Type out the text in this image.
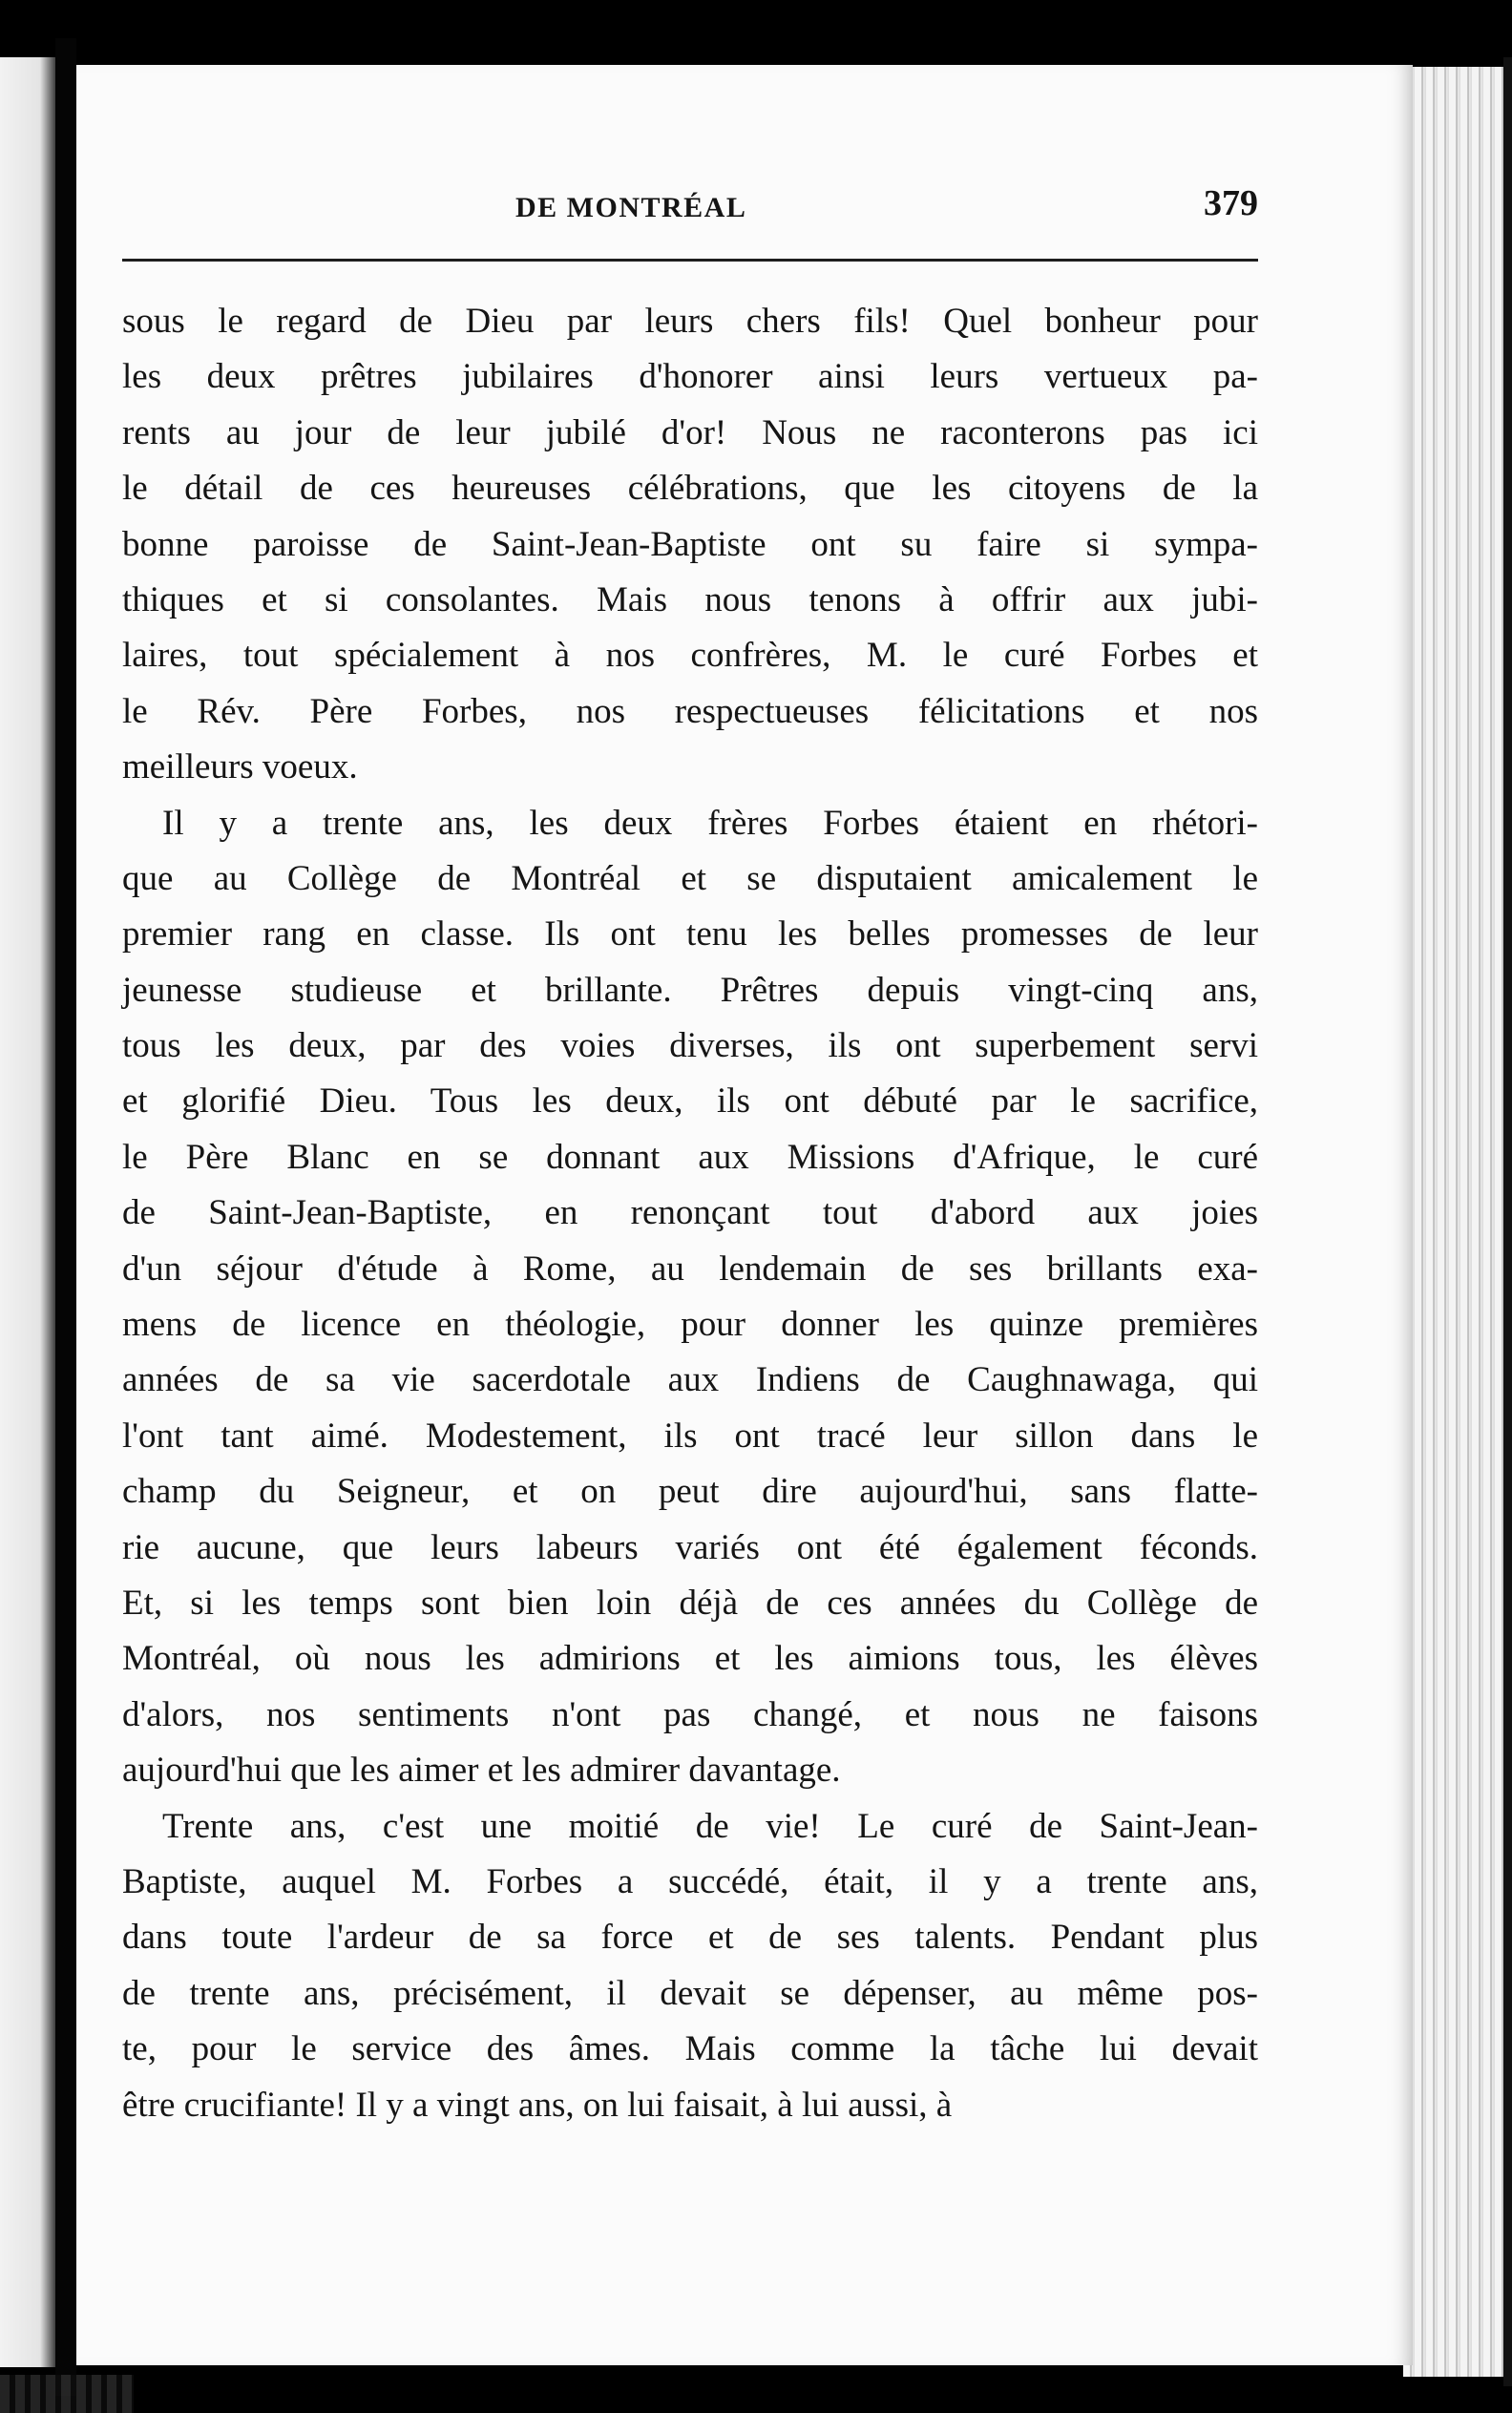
DE MONTRÉAL	379
sous le regard de Dieu par leurs chers fils! Quel bonheur pour
les deux prêtres jubilaires d'honorer ainsi leurs vertueux pa-
rents au jour de leur jubilé d'or! Nous ne raconterons pas ici
le détail de ces heureuses célébrations, que les citoyens de la
bonne paroisse de Saint-Jean-Baptiste ont su faire si sympa-
thiques et si consolantes. Mais nous tenons à offrir aux jubi-
laires, tout spécialement à nos confrères, M. le curé Forbes et
le Rév. Père Forbes, nos respectueuses félicitations et nos
meilleurs voeux.
Il y a trente ans, les deux frères Forbes étaient en rhétori-
que au Collège de Montréal et se disputaient amicalement le
premier rang en classe. Ils ont tenu les belles promesses de leur
jeunesse studieuse et brillante. Prêtres depuis vingt-cinq ans,
tous les deux, par des voies diverses, ils ont superbement servi
et glorifié Dieu. Tous les deux, ils ont débuté par le sacrifice,
le Père Blanc en se donnant aux Missions d'Afrique, le curé
de Saint-Jean-Baptiste, en renonçant tout d'abord aux joies
d'un séjour d'étude à Rome, au lendemain de ses brillants exa-
mens de licence en théologie, pour donner les quinze premières
années de sa vie sacerdotale aux Indiens de Caughnawaga, qui
l'ont tant aimé. Modestement, ils ont tracé leur sillon dans le
champ du Seigneur, et on peut dire aujourd'hui, sans flatte-
rie aucune, que leurs labeurs variés ont été également féconds.
Et, si les temps sont bien loin déjà de ces années du Collège de
Montréal, où nous les admirions et les aimions tous, les élèves
d'alors, nos sentiments n'ont pas changé, et nous ne faisons
aujourd'hui que les aimer et les admirer davantage.
Trente ans, c'est une moitié de vie! Le curé de Saint-Jean-
Baptiste, auquel M. Forbes a succédé, était, il y a trente ans,
dans toute l'ardeur de sa force et de ses talents. Pendant plus
de trente ans, précisément, il devait se dépenser, au même pos-
te, pour le service des âmes. Mais comme la tâche lui devait
être crucifiante! Il y a vingt ans, on lui faisait, à lui aussi, à
